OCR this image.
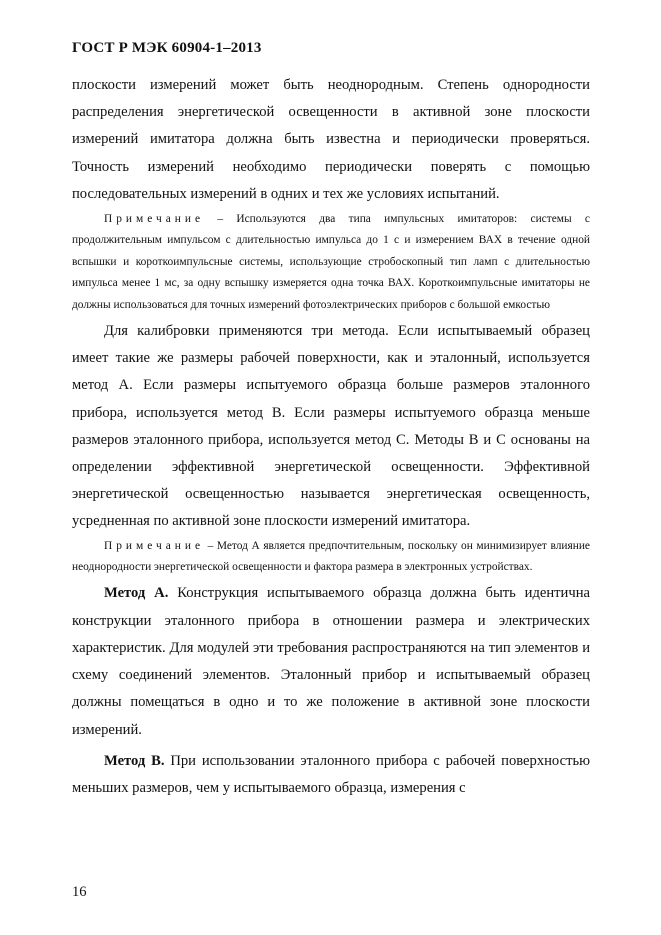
ГОСТ Р МЭК 60904-1–2013

плоскости измерений может быть неоднородным. Степень однородности распределения энергетической освещенности в активной зоне плоскости измерений имитатора должна быть известна и периодически проверяться. Точность измерений необходимо периодически поверять с помощью последовательных измерений в одних и тех же условиях испытаний.

Примечание – Используются два типа импульсных имитаторов: системы с продолжительным импульсом с длительностью импульса до 1 с и измерением ВАХ в течение одной вспышки и короткоимпульсные системы, использующие стробоскопный тип ламп с длительностью импульса менее 1 мс, за одну вспышку измеряется одна точка ВАХ. Короткоимпульсные имитаторы не должны использоваться для точных измерений фотоэлектрических приборов с большой емкостью

Для калибровки применяются три метода. Если испытываемый образец имеет такие же размеры рабочей поверхности, как и эталонный, используется метод А. Если размеры испытуемого образца больше размеров эталонного прибора, используется метод В. Если размеры испытуемого образца меньше размеров эталонного прибора, используется метод С. Методы В и С основаны на определении эффективной энергетической освещенности. Эффективной энергетической освещенностью называется энергетическая освещенность, усредненная по активной зоне плоскости измерений имитатора.

Примечание – Метод А является предпочтительным, поскольку он минимизирует влияние неоднородности энергетической освещенности и фактора размера в электронных устройствах.

Метод А. Конструкция испытываемого образца должна быть идентична конструкции эталонного прибора в отношении размера и электрических характеристик. Для модулей эти требования распространяются на тип элементов и схему соединений элементов. Эталонный прибор и испытываемый образец должны помещаться в одно и то же положение в активной зоне плоскости измерений.

Метод В. При использовании эталонного прибора с рабочей поверхностью меньших размеров, чем у испытываемого образца, измерения с

16
